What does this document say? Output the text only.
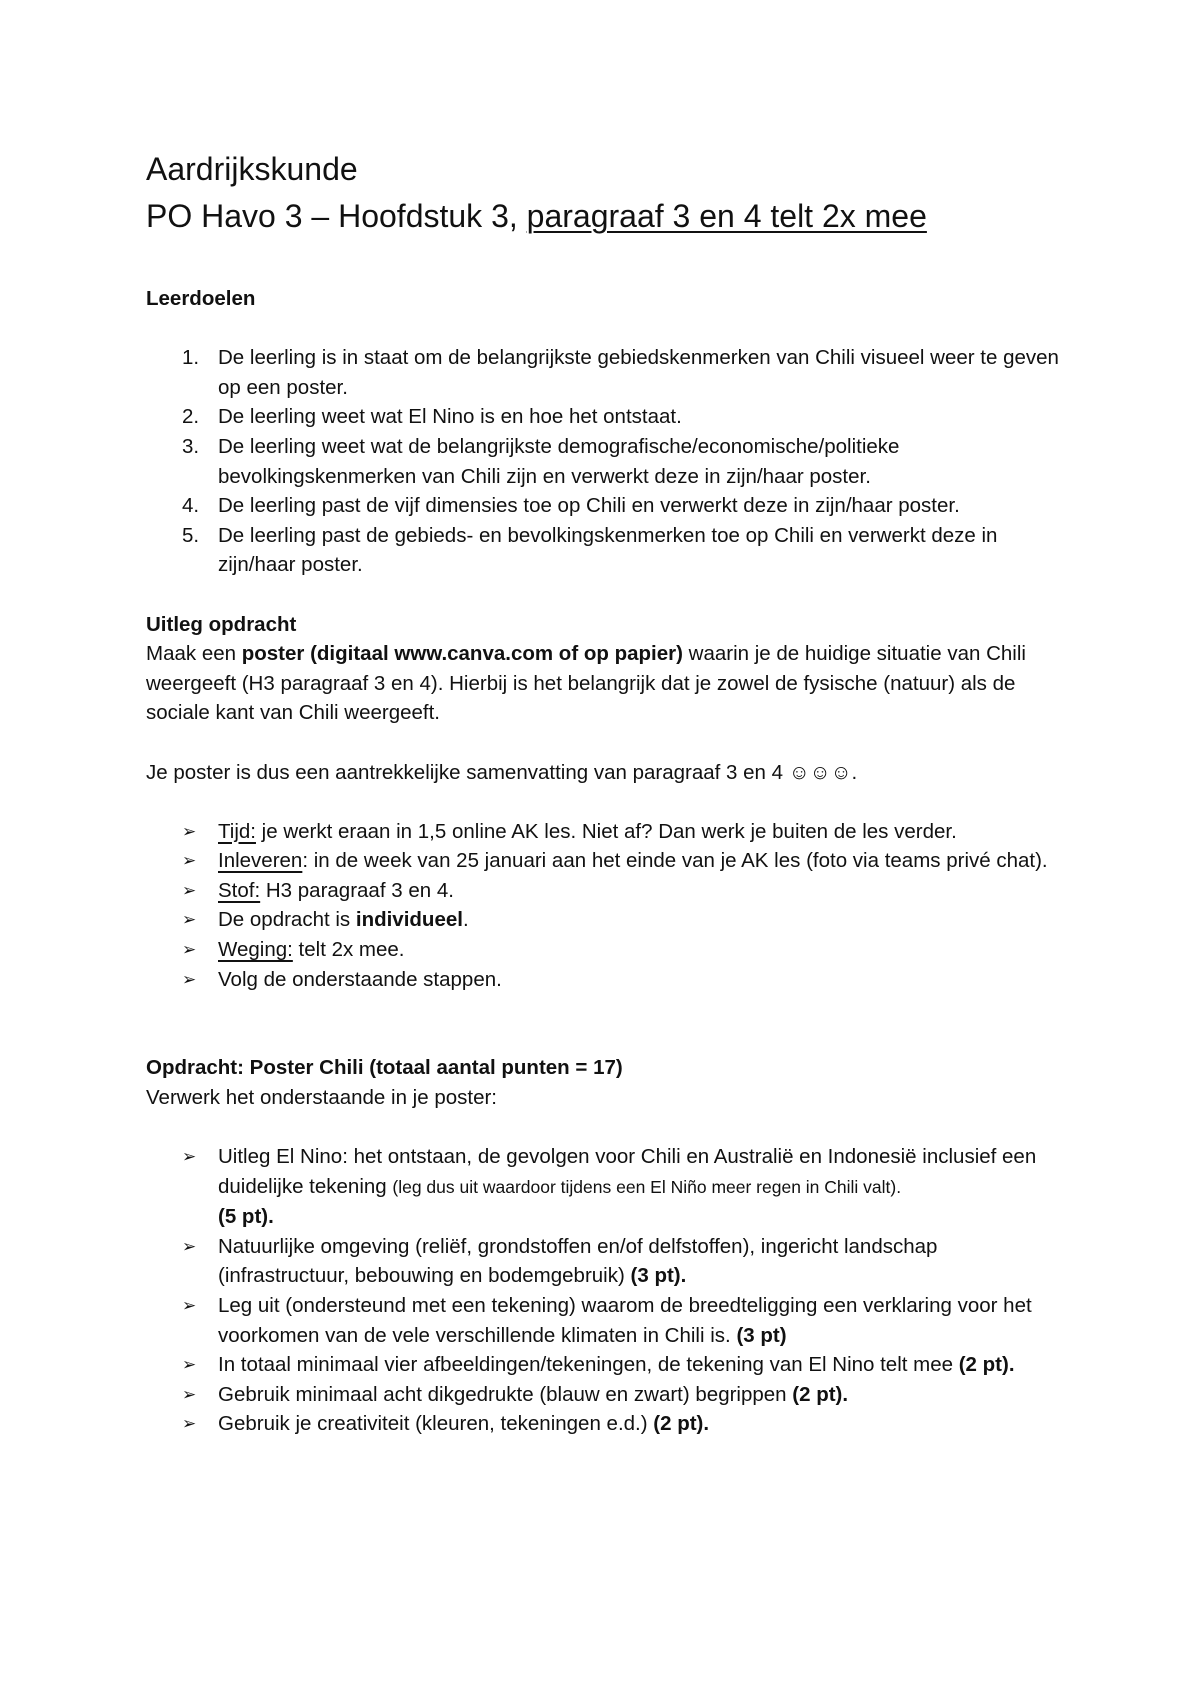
Aardrijkskunde
PO Havo 3 – Hoofdstuk 3, paragraaf 3 en 4 telt 2x mee

Leerdoelen

1. De leerling is in staat om de belangrijkste gebiedskenmerken van Chili visueel weer te geven op een poster.
2. De leerling weet wat El Nino is en hoe het ontstaat.
3. De leerling weet wat de belangrijkste demografische/economische/politieke bevolkingskenmerken van Chili zijn en verwerkt deze in zijn/haar poster.
4. De leerling past de vijf dimensies toe op Chili en verwerkt deze in zijn/haar poster.
5. De leerling past de gebieds- en bevolkingskenmerken toe op Chili en verwerkt deze in zijn/haar poster.

Uitleg opdracht

Maak een poster (digitaal www.canva.com of op papier) waarin je de huidige situatie van Chili weergeeft (H3 paragraaf 3 en 4). Hierbij is het belangrijk dat je zowel de fysische (natuur) als de sociale kant van Chili weergeeft.

Je poster is dus een aantrekkelijke samenvatting van paragraaf 3 en 4 ☺☺☺.

➢ Tijd: je werkt eraan in 1,5 online AK les. Niet af? Dan werk je buiten de les verder.
➢ Inleveren: in de week van 25 januari aan het einde van je AK les (foto via teams privé chat).
➢ Stof: H3 paragraaf 3 en 4.
➢ De opdracht is individueel.
➢ Weging: telt 2x mee.
➢ Volg de onderstaande stappen.

Opdracht: Poster Chili (totaal aantal punten = 17)

Verwerk het onderstaande in je poster:

➢ Uitleg El Nino: het ontstaan, de gevolgen voor Chili en Australië en Indonesië inclusief een duidelijke tekening (leg dus uit waardoor tijdens een El Niño meer regen in Chili valt).
(5 pt).
➢ Natuurlijke omgeving (reliëf, grondstoffen en/of delfstoffen), ingericht landschap (infrastructuur, bebouwing en bodemgebruik) (3 pt).
➢ Leg uit (ondersteund met een tekening) waarom de breedteligging een verklaring voor het voorkomen van de vele verschillende klimaten in Chili is. (3 pt)
➢ In totaal minimaal vier afbeeldingen/tekeningen, de tekening van El Nino telt mee (2 pt).
➢ Gebruik minimaal acht dikgedrukte (blauw en zwart) begrippen (2 pt).
➢ Gebruik je creativiteit (kleuren, tekeningen e.d.) (2 pt).
